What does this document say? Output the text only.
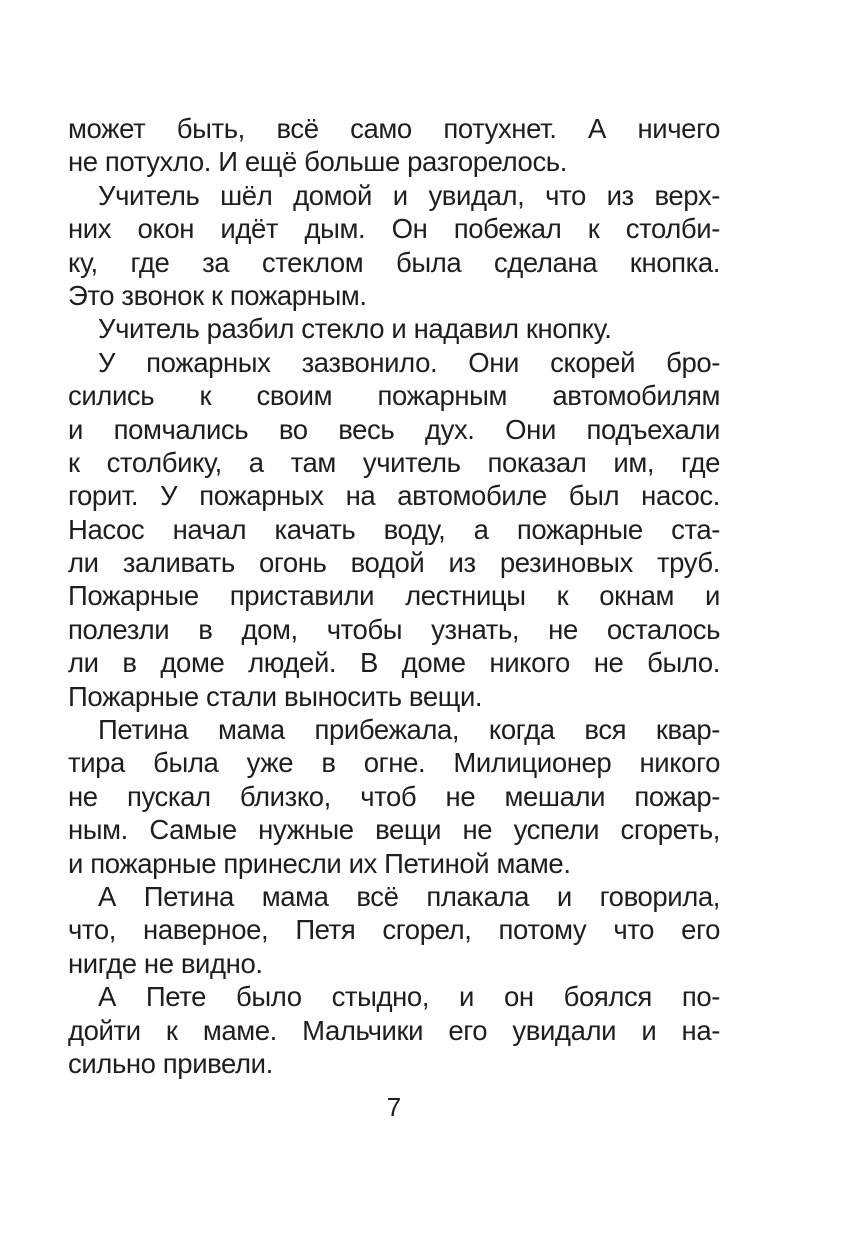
может быть, всё само потухнет. А ничего
не потухло. И ещё больше разгорелось.
Учитель шёл домой и увидал, что из верх-
них окон идёт дым. Он побежал к столби-
ку, где за стеклом была сделана кнопка.
Это звонок к пожарным.
Учитель разбил стекло и надавил кнопку.
У пожарных зазвонило. Они скорей бро-
сились к своим пожарным автомобилям
и помчались во весь дух. Они подъехали
к столбику, а там учитель показал им, где
горит. У пожарных на автомобиле был насос.
Насос начал качать воду, а пожарные ста-
ли заливать огонь водой из резиновых труб.
Пожарные приставили лестницы к окнам и
полезли в дом, чтобы узнать, не осталось
ли в доме людей. В доме никого не было.
Пожарные стали выносить вещи.
Петина мама прибежала, когда вся квар-
тира была уже в огне. Милиционер никого
не пускал близко, чтоб не мешали пожар-
ным. Самые нужные вещи не успели сгореть,
и пожарные принесли их Петиной маме.
А Петина мама всё плакала и говорила,
что, наверное, Петя сгорел, потому что его
нигде не видно.
А Пете было стыдно, и он боялся по-
дойти к маме. Мальчики его увидали и на-
сильно привели.
7
